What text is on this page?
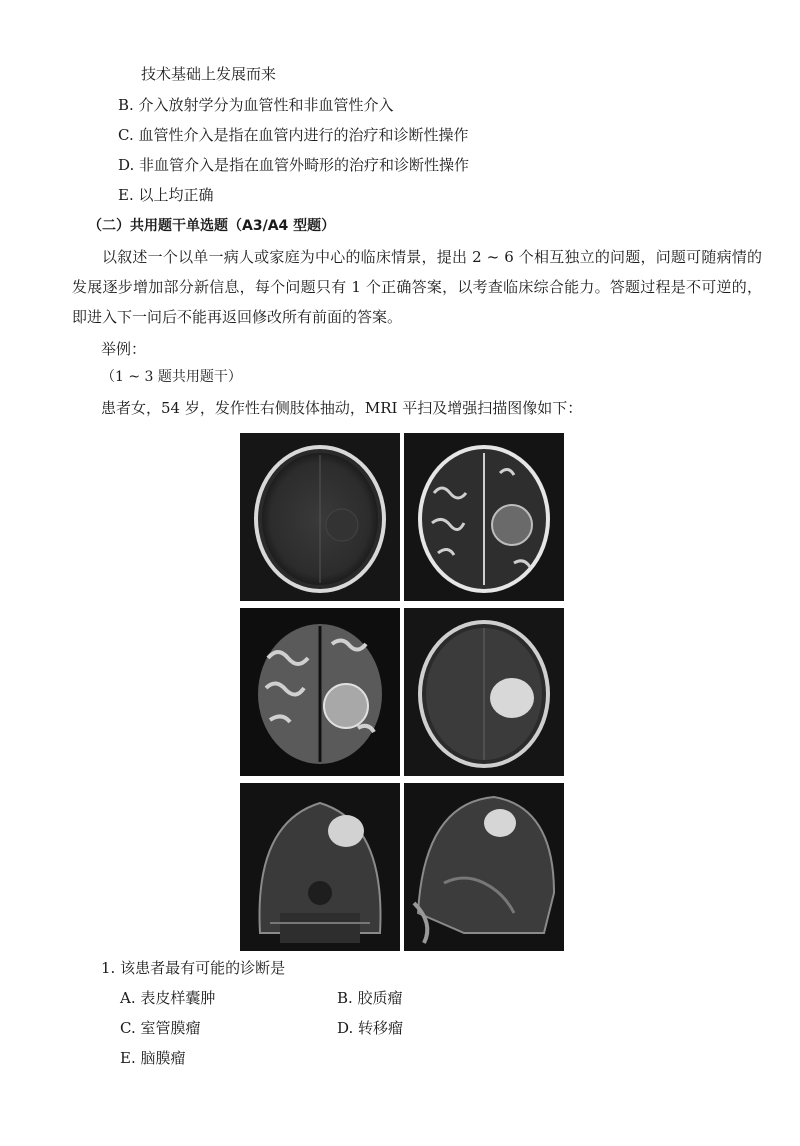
技术基础上发展而来
B. 介入放射学分为血管性和非血管性介入
C. 血管性介入是指在血管内进行的治疗和诊断性操作
D. 非血管介入是指在血管外畸形的治疗和诊断性操作
E. 以上均正确
（二）共用题干单选题（A3/A4 型题）

以叙述一个以单一病人或家庭为中心的临床情景，提出 2 ~ 6 个相互独立的问题，问题可随病情的发展逐步增加部分新信息，每个问题只有 1 个正确答案，以考查临床综合能力。答题过程是不可逆的，即进入下一问后不能再返回修改所有前面的答案。

举例：
（1 ~ 3 题共用题干）
患者女，54 岁，发作性右侧肢体抽动，MRI 平扫及增强扫描图像如下：
1. 该患者最有可能的诊断是
A. 表皮样囊肿	B. 胶质瘤
C. 室管膜瘤	D. 转移瘤
E. 脑膜瘤
